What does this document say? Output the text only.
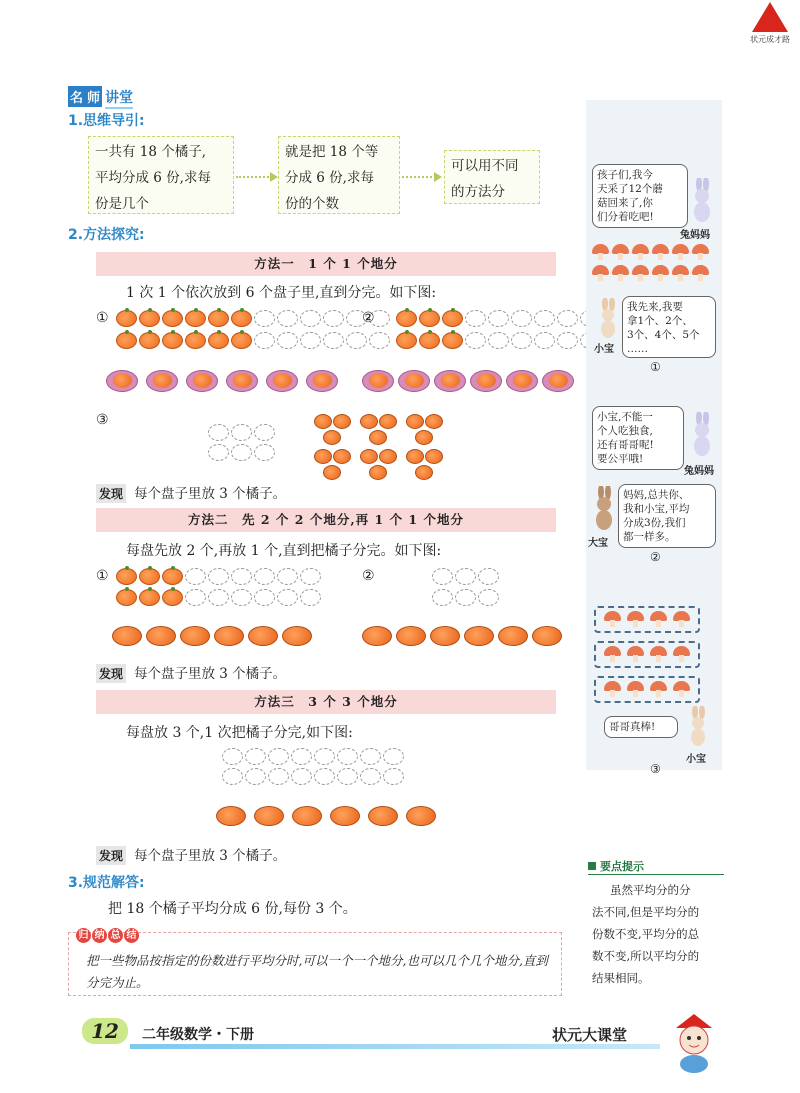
状元成才路
名 师 讲堂
1.思维导引:
一共有 18 个橘子,
平均分成 6 份,求每
份是几个
就是把 18 个等
分成 6 份,求每
份的个数
可以用不同
的方法分
2.方法探究:
方法一　1 个 1 个地分
1 次 1 个依次放到 6 个盘子里,直到分完。如下图:
①	②
③
发现 每个盘子里放 3 个橘子。
方法二　先 2 个 2 个地分,再 1 个 1 个地分
每盘先放 2 个,再放 1 个,直到把橘子分完。如下图:
①	②
发现 每个盘子里放 3 个橘子。
方法三　3 个 3 个地分
每盘放 3 个,1 次把橘子分完,如下图:
发现 每个盘子里放 3 个橘子。
3.规范解答:
把 18 个橘子平均分成 6 份,每份 3 个。
归 纳 总 结
把一些物品按指定的份数进行平均分时,可以一个一个地分,也可以几个几个地分,直到分完为止。
孩子们,我今
天采了12个蘑
菇回来了,你
们分着吃吧!
兔妈妈
小宝
我先来,我要
拿1个、2个、
3个、4个、5个
……
①
小宝,不能一
个人吃独食,
还有哥哥呢!
要公平哦!
兔妈妈
大宝
妈妈,总共你、
我和小宝,平均
分成3份,我们
都一样多。
②
哥哥真棒!
小宝
③
要点提示
虽然平均分的分
法不同,但是平均分的
份数不变,平均分的总
数不变,所以平均分的
结果相同。
12	二年级数学・下册	状元大课堂
